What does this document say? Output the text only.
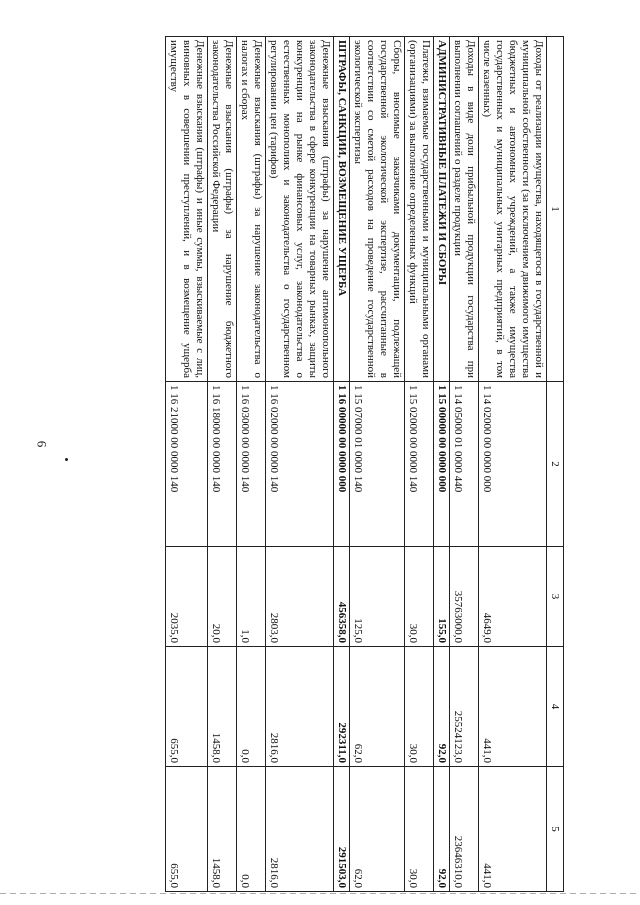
6
1	2	3	4	5
Доходы от реализации имущества, находящегося в государственной и муниципальной собственности (за исключением движимого имущества бюджетных и автономных учреждений, а также имущества государственных и муниципальных унитарных предприятий, в том числе казенных)	1 14 02000 00 0000 000	4649,0	441,0	441,0
Доходы в виде доли прибыльной продукции государства при выполнении соглашений о разделе продукции	1 14 05000 01 0000 440	35763000,0	25524123,0	23646310,0
АДМИНИСТРАТИВНЫЕ ПЛАТЕЖИ И СБОРЫ	1 15 00000 00 0000 000	155,0	92,0	92,0
Платежи, взимаемые государственными и муниципальными органами (организациями) за выполнение определенных функций	1 15 02000 00 0000 140	30,0	30,0	30,0
Сборы, вносимые заказчиками документации, подлежащей государственной экологической экспертизе, рассчитанные в соответствии со сметой расходов на проведение государственной экологической экспертизы	1 15 07000 01 0000 140	125,0	62,0	62,0
ШТРАФЫ, САНКЦИИ, ВОЗМЕЩЕНИЕ УЩЕРБА	1 16 00000 00 0000 000	456358,0	292311,0	291503,0
Денежные взыскания (штрафы) за нарушение антимонопольного законодательства в сфере конкуренции на товарных рынках, защиты конкуренции на рынке финансовых услуг, законодательства о естественных монополиях и законодательства о государственном регулировании цен (тарифов)	1 16 02000 00 0000 140	2803,0	2816,0	2816,0
Денежные взыскания (штрафы) за нарушение законодательства о налогах и сборах	1 16 03000 00 0000 140	1,0	0,0	0,0
Денежные взыскания (штрафы) за нарушение бюджетного законодательства Российской Федерации	1 16 18000 00 0000 140	20,0	1458,0	1458,0
Денежные взыскания (штрафы) и иные суммы, взыскиваемые с лиц, виновных в совершении преступлений, и в возмещение ущерба имуществу	1 16 21000 00 0000 140	2035,0	655,0	655,0
